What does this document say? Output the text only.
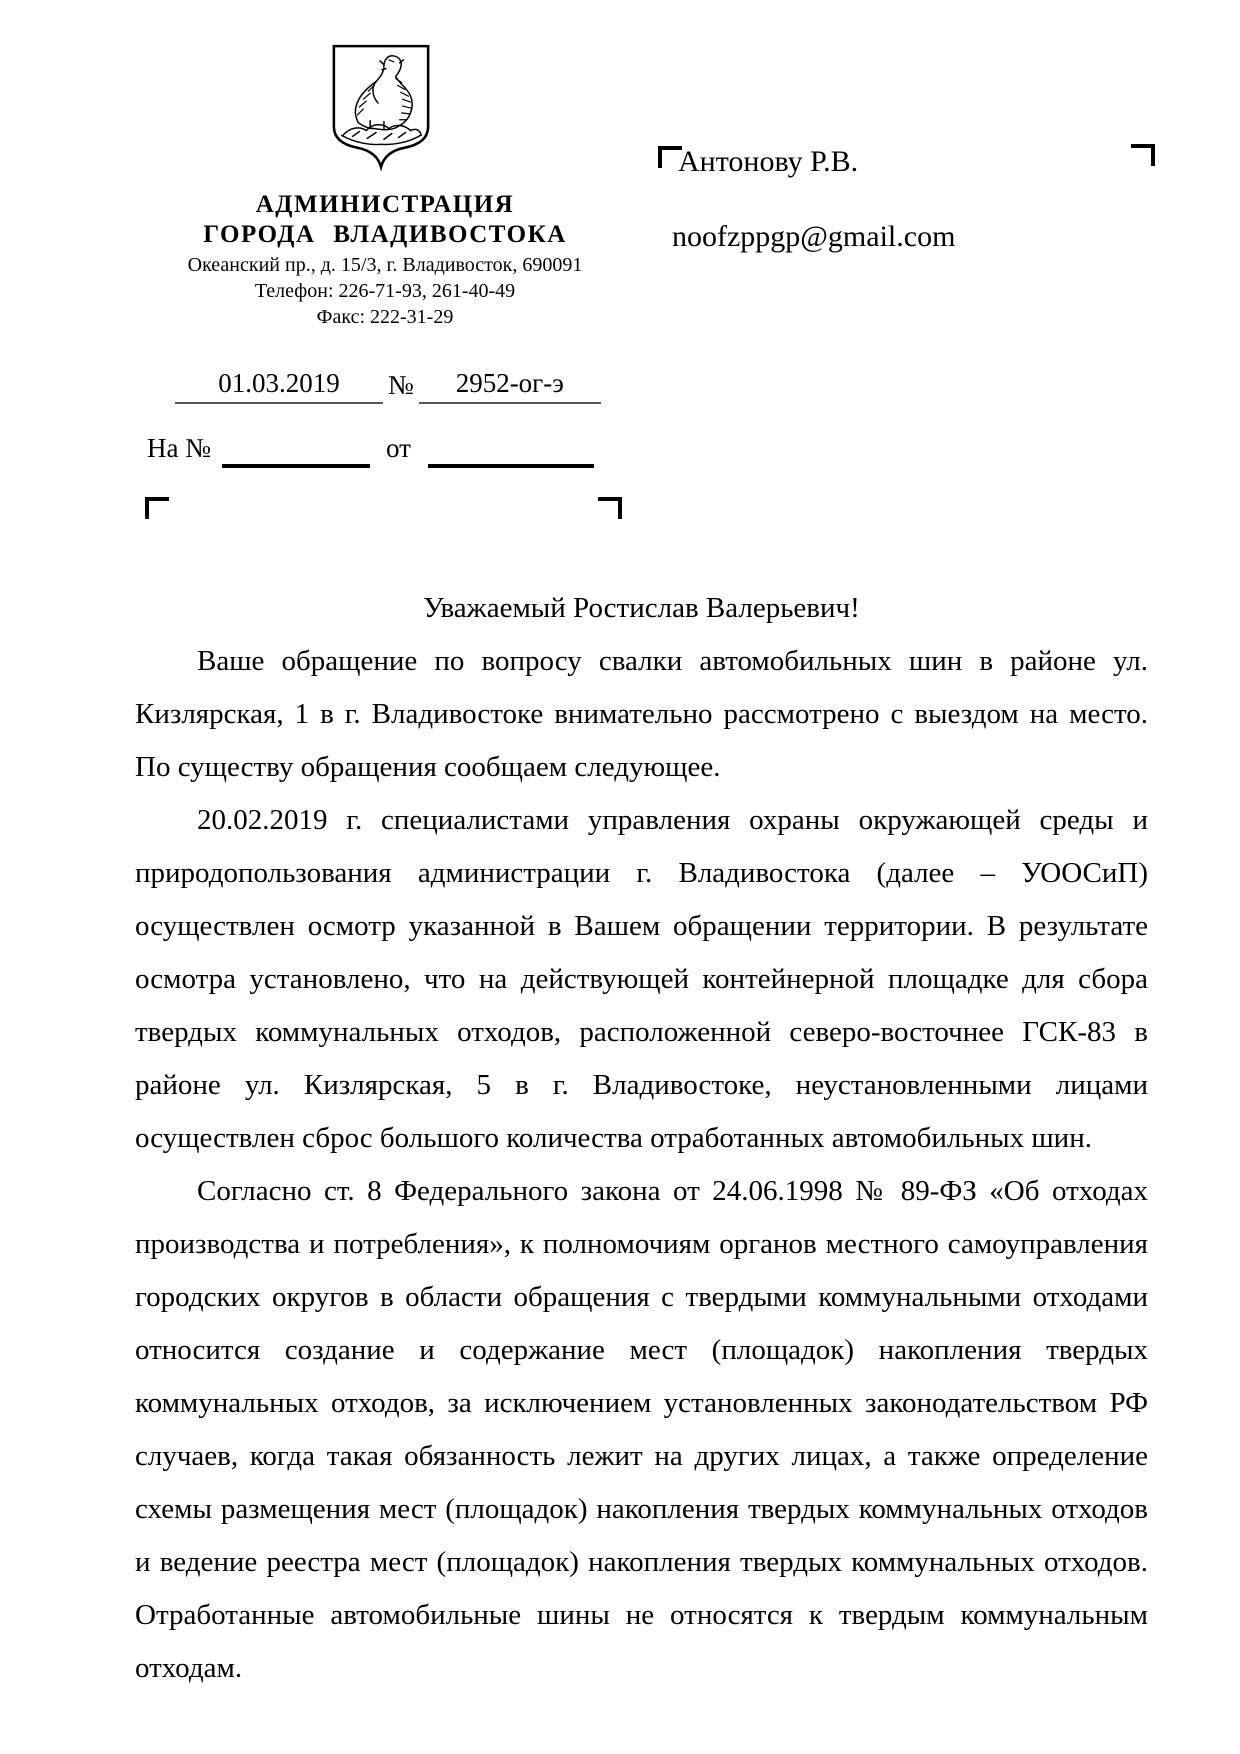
АДМИНИСТРАЦИЯ
ГОРОДА ВЛАДИВОСТОКА
Океанский пр., д. 15/3, г. Владивосток, 690091
Телефон: 226-71-93, 261-40-49
Факс: 222-31-29
01.03.2019	№	2952-ог-э
На №	от
Антонову Р.В.
noofzppgp@gmail.com

Уважаемый Ростислав Валерьевич!

Ваше обращение по вопросу свалки автомобильных шин в районе ул. Кизлярская, 1 в г. Владивостоке внимательно рассмотрено с выездом на место. По существу обращения сообщаем следующее.

20.02.2019 г. специалистами управления охраны окружающей среды и природопользования администрации г. Владивостока (далее – УООСиП) осуществлен осмотр указанной в Вашем обращении территории. В результате осмотра установлено, что на действующей контейнерной площадке для сбора твердых коммунальных отходов, расположенной северо-восточнее ГСК-83 в районе ул. Кизлярская, 5 в г. Владивостоке, неустановленными лицами осуществлен сброс большого количества отработанных автомобильных шин.

Согласно ст. 8 Федерального закона от 24.06.1998 № 89-ФЗ «Об отходах производства и потребления», к полномочиям органов местного самоуправления городских округов в области обращения с твердыми коммунальными отходами относится создание и содержание мест (площадок) накопления твердых коммунальных отходов, за исключением установленных законодательством РФ случаев, когда такая обязанность лежит на других лицах, а также определение схемы размещения мест (площадок) накопления твердых коммунальных отходов и ведение реестра мест (площадок) накопления твердых коммунальных отходов. Отработанные автомобильные шины не относятся к твердым коммунальным отходам.
